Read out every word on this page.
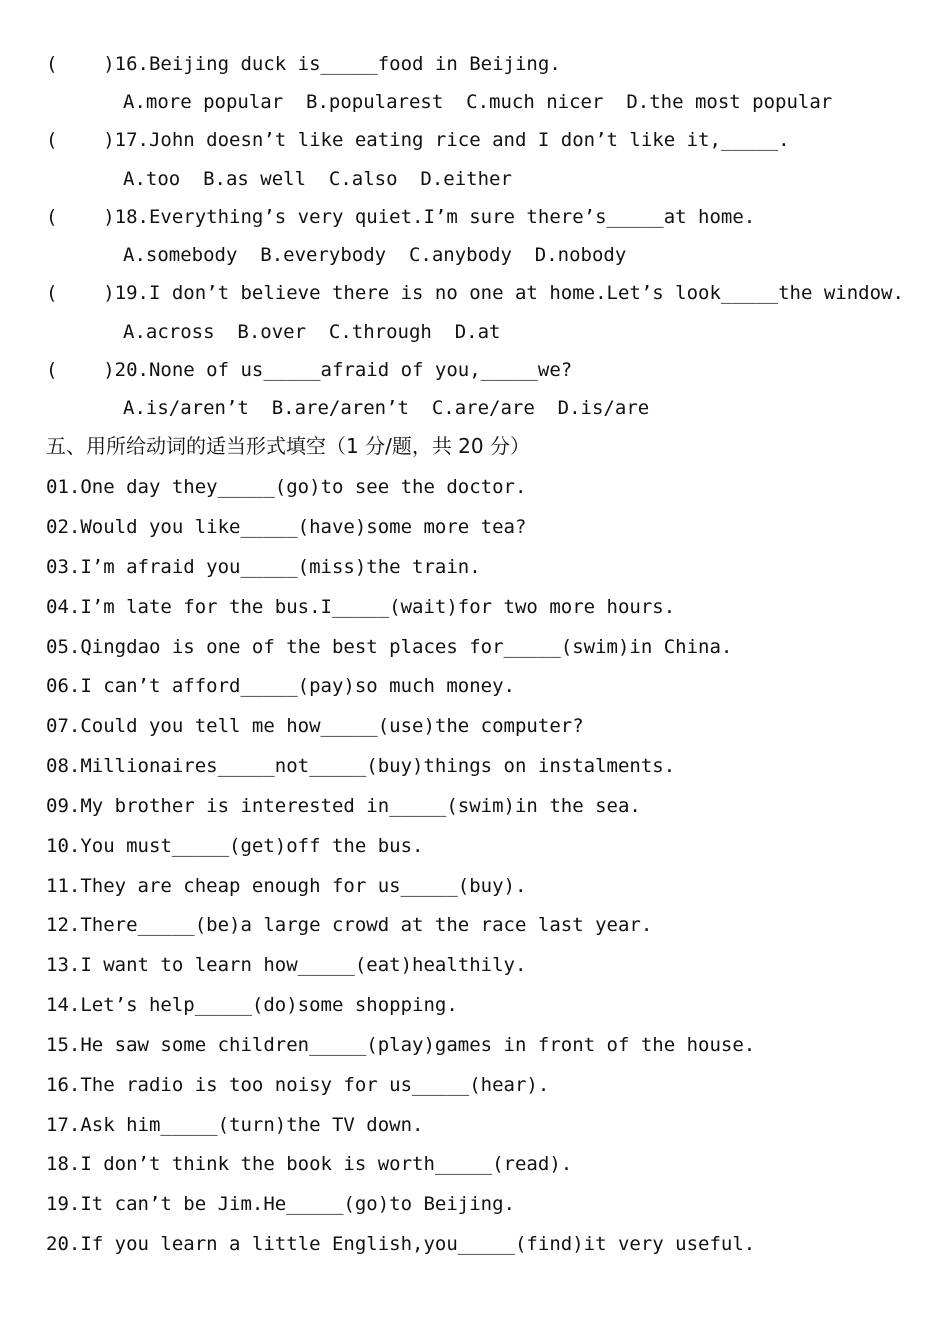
(    )16.Beijing duck is_____food in Beijing.
A.more popular  B.popularest  C.much nicer  D.the most popular
(    )17.John doesn’t like eating rice and I don’t like it,_____.
A.too  B.as well  C.also  D.either
(    )18.Everything’s very quiet.I’m sure there’s_____at home.
A.somebody  B.everybody  C.anybody  D.nobody
(    )19.I don’t believe there is no one at home.Let’s look_____the window.
A.across  B.over  C.through  D.at
(    )20.None of us_____afraid of you,_____we?
A.is/aren’t  B.are/aren’t  C.are/are  D.is/are
五、用所给动词的适当形式填空（1 分/题，共 20 分）
01.One day they_____(go)to see the doctor.
02.Would you like_____(have)some more tea?
03.I’m afraid you_____(miss)the train.
04.I’m late for the bus.I_____(wait)for two more hours.
05.Qingdao is one of the best places for_____(swim)in China.
06.I can’t afford_____(pay)so much money.
07.Could you tell me how_____(use)the computer?
08.Millionaires_____not_____(buy)things on instalments.
09.My brother is interested in_____(swim)in the sea.
10.You must_____(get)off the bus.
11.They are cheap enough for us_____(buy).
12.There_____(be)a large crowd at the race last year.
13.I want to learn how_____(eat)healthily.
14.Let’s help_____(do)some shopping.
15.He saw some children_____(play)games in front of the house.
16.The radio is too noisy for us_____(hear).
17.Ask him_____(turn)the TV down.
18.I don’t think the book is worth_____(read).
19.It can’t be Jim.He_____(go)to Beijing.
20.If you learn a little English,you_____(find)it very useful.
